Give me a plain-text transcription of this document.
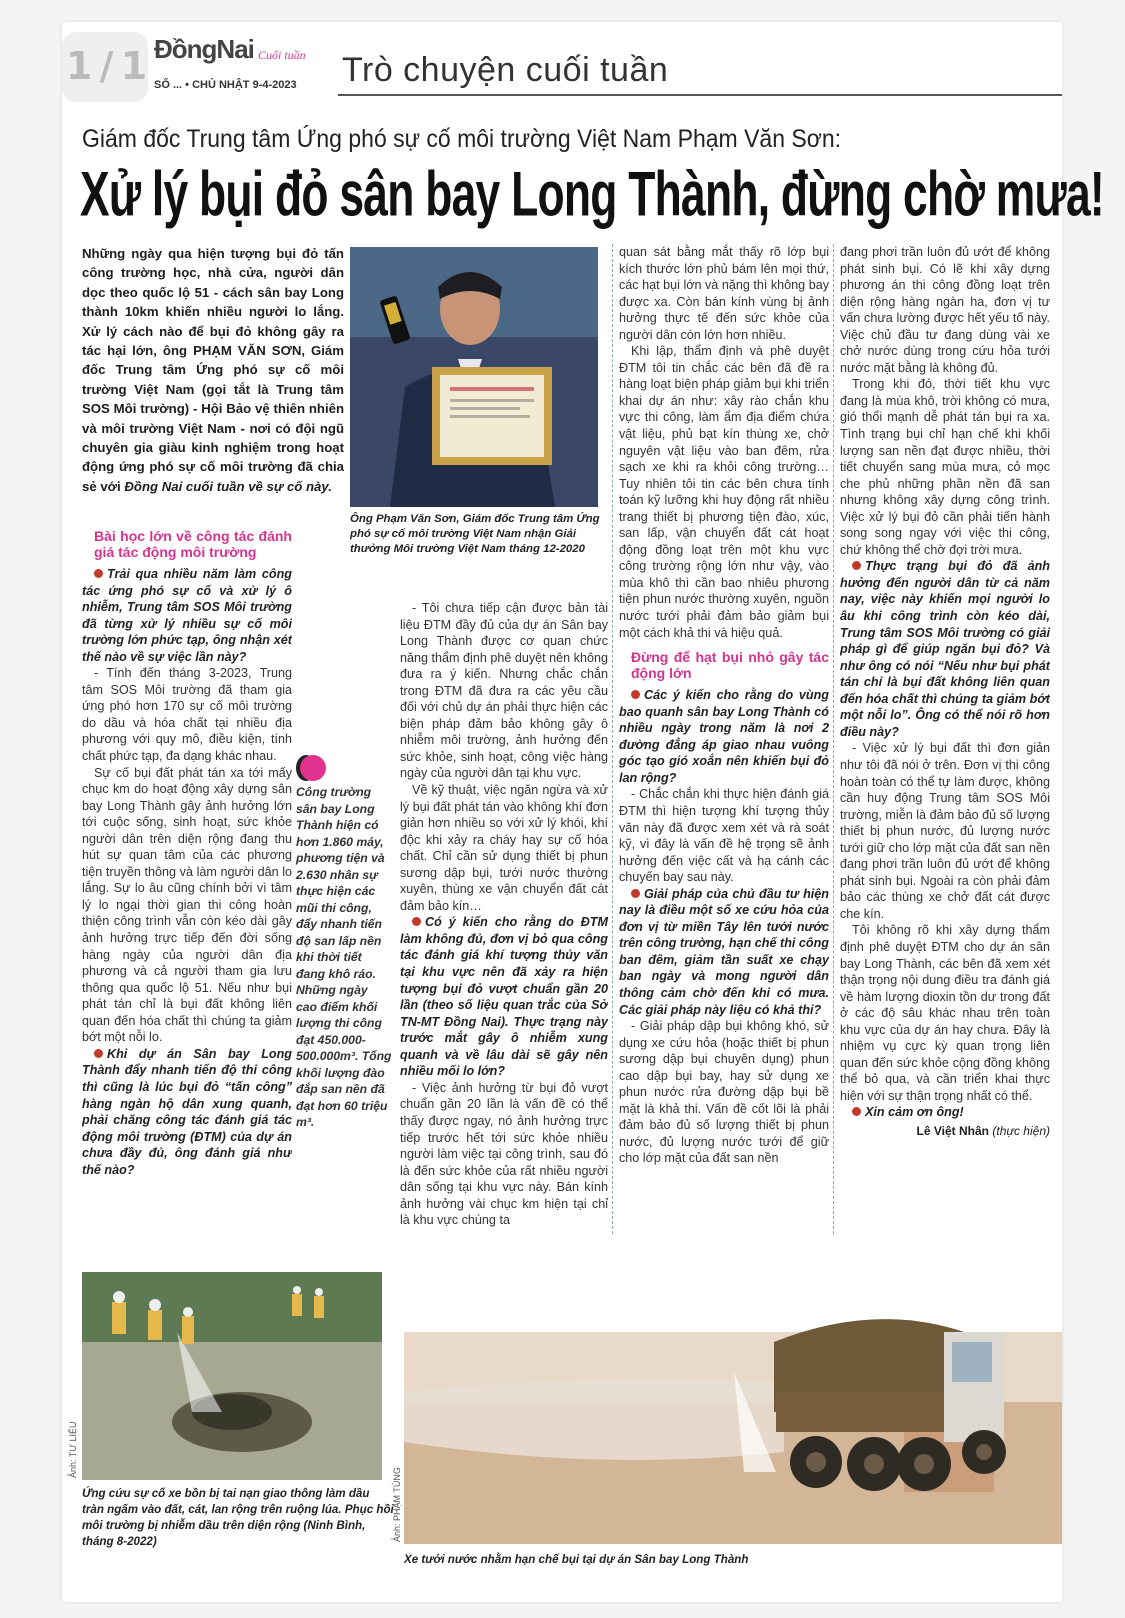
1 / 1 ĐồngNai Cuối tuần
SỐ ... • CHỦ NHẬT 9-4-2023	Trò chuyện cuối tuần
Giám đốc Trung tâm Ứng phó sự cố môi trường Việt Nam Phạm Văn Sơn:
Xử lý bụi đỏ sân bay Long Thành, đừng chờ mưa!
Những ngày qua hiện tượng bụi đỏ tấn công trường học, nhà cửa, người dân dọc theo quốc lộ 51 - cách sân bay Long thành 10km khiến nhiều người lo lắng. Xử lý cách nào để bụi đỏ không gây ra tác hại lớn, ông PHẠM VĂN SƠN, Giám đốc Trung tâm Ứng phó sự cố môi trường Việt Nam (gọi tắt là Trung tâm SOS Môi trường) - Hội Bảo vệ thiên nhiên và môi trường Việt Nam - nơi có đội ngũ chuyên gia giàu kinh nghiệm trong hoạt động ứng phó sự cố môi trường đã chia sẻ với Đồng Nai cuối tuần về sự cố này.
Ông Phạm Văn Sơn, Giám đốc Trung tâm Ứng phó sự cố môi trường Việt Nam nhận Giải thưởng Môi trường Việt Nam tháng 12-2020

Bài học lớn về công tác đánh giá tác động môi trường

Trải qua nhiều năm làm công tác ứng phó sự cố và xử lý ô nhiễm, Trung tâm SOS Môi trường đã từng xử lý nhiều sự cố môi trường lớn phức tạp, ông nhận xét thế nào về sự việc lần này?

- Tính đến tháng 3-2023, Trung tâm SOS Môi trường đã tham gia ứng phó hơn 170 sự cố môi trường do dầu và hóa chất tại nhiều địa phương với quy mô, điều kiện, tính chất phức tạp, đa dạng khác nhau.

Sự cố bụi đất phát tán xa tới mấy chục km do hoạt động xây dựng sân bay Long Thành gây ảnh hưởng lớn tới cuộc sống, sinh hoạt, sức khỏe người dân trên diện rộng đang thu hút sự quan tâm của các phương tiện truyền thông và làm người dân lo lắng. Sự lo âu cũng chính bởi vì tâm lý lo ngại thời gian thi công hoàn thiện công trình vẫn còn kéo dài gây ảnh hưởng trực tiếp đến đời sống hàng ngày của người dân địa phương và cả người tham gia lưu thông qua quốc lộ 51. Nếu như bụi phát tán chỉ là bụi đất không liên quan đến hóa chất thì chúng ta giảm bớt một nỗi lo.

Khi dự án Sân bay Long Thành đẩy nhanh tiến độ thi công thì cũng là lúc bụi đỏ “tấn công” hàng ngàn hộ dân xung quanh, phải chăng công tác đánh giá tác động môi trường (ĐTM) của dự án chưa đầy đủ, ông đánh giá như thế nào?

Công trường sân bay Long Thành hiện có hơn 1.860 máy, phương tiện và 2.630 nhân sự thực hiện các mũi thi công, đẩy nhanh tiến độ san lấp nền khi thời tiết đang khô ráo. Những ngày cao điểm khối lượng thi công đạt 450.000-500.000m³. Tổng khối lượng đào đắp san nền đã đạt hơn 60 triệu m³.

- Tôi chưa tiếp cận được bản tài liệu ĐTM đầy đủ của dự án Sân bay Long Thành được cơ quan chức năng thẩm định phê duyệt nên không đưa ra ý kiến. Nhưng chắc chắn trong ĐTM đã đưa ra các yêu cầu đối với chủ dự án phải thực hiện các biện pháp đảm bảo không gây ô nhiễm môi trường, ảnh hưởng đến sức khỏe, sinh hoạt, công việc hàng ngày của người dân tại khu vực.

Về kỹ thuật, việc ngăn ngừa và xử lý bụi đất phát tán vào không khí đơn giản hơn nhiều so với xử lý khói, khí độc khi xảy ra cháy hay sự cố hóa chất. Chỉ cần sử dụng thiết bị phun sương dập bụi, tưới nước thường xuyên, thùng xe vận chuyển đất cát đảm bảo kín…

Có ý kiến cho rằng do ĐTM làm không đủ, đơn vị bỏ qua công tác đánh giá khí tượng thủy văn tại khu vực nên đã xảy ra hiện tượng bụi đỏ vượt chuẩn gần 20 lần (theo số liệu quan trắc của Sở TN-MT Đồng Nai). Thực trạng này trước mắt gây ô nhiễm xung quanh và về lâu dài sẽ gây nên nhiều mối lo lớn?

- Việc ảnh hưởng từ bụi đỏ vượt chuẩn gần 20 lần là vấn đề có thể thấy được ngay, nó ảnh hưởng trực tiếp trước hết tới sức khỏe nhiều người làm việc tại công trình, sau đó là đến sức khỏe của rất nhiều người dân sống tại khu vực này. Bán kính ảnh hưởng vài chục km hiện tại chỉ là khu vực chúng ta

quan sát bằng mắt thấy rõ lớp bụi kích thước lớn phủ bám lên mọi thứ, các hạt bụi lớn và nặng thì không bay được xa. Còn bán kính vùng bị ảnh hưởng thực tế đến sức khỏe của người dân còn lớn hơn nhiều.

Khi lập, thẩm định và phê duyệt ĐTM tôi tin chắc các bên đã đề ra hàng loạt biện pháp giảm bụi khi triển khai dự án như: xây rào chắn khu vực thi công, làm ẩm địa điểm chứa vật liệu, phủ bạt kín thùng xe, chở nguyên vật liệu vào ban đêm, rửa sạch xe khi ra khỏi công trường… Tuy nhiên tôi tin các bên chưa tính toán kỹ lưỡng khi huy động rất nhiều trang thiết bị phương tiện đào, xúc, san lấp, vận chuyển đất cát hoạt động đồng loạt trên một khu vực công trường rộng lớn như vậy, vào mùa khô thì cần bao nhiêu phương tiện phun nước thường xuyên, nguồn nước tưới phải đảm bảo giảm bụi một cách khả thi và hiệu quả.

Đừng để hạt bụi nhỏ gây tác động lớn

Các ý kiến cho rằng do vùng bao quanh sân bay Long Thành có nhiều ngày trong năm là nơi 2 đường đẳng áp giao nhau vuông góc tạo gió xoắn nên khiến bụi đỏ lan rộng?

- Chắc chắn khi thực hiện đánh giá ĐTM thì hiện tượng khí tượng thủy văn này đã được xem xét và rà soát kỹ, vì đây là vấn đề hệ trọng sẽ ảnh hưởng đến việc cất và hạ cánh các chuyến bay sau này.

Giải pháp của chủ đầu tư hiện nay là điều một số xe cứu hỏa của đơn vị từ miền Tây lên tưới nước trên công trường, hạn chế thi công ban đêm, giảm tần suất xe chạy ban ngày và mong người dân thông cảm chờ đến khi có mưa. Các giải pháp này liệu có khả thi?

- Giải pháp dập bụi không khó, sử dụng xe cứu hỏa (hoặc thiết bị phun sương dập bụi chuyên dụng) phun cao dập bụi bay, hay sử dụng xe phun nước rửa đường dập bụi bề mặt là khả thi. Vấn đề cốt lõi là phải đảm bảo đủ số lượng thiết bị phun nước, đủ lượng nước tưới để giữ cho lớp mặt của đất san nền

đang phơi trần luôn đủ ướt để không phát sinh bụi. Có lẽ khi xây dựng phương án thi công đồng loạt trên diện rộng hàng ngàn ha, đơn vị tư vấn chưa lường được hết yếu tố này. Việc chủ đầu tư đang dùng vài xe chở nước dùng trong cứu hỏa tưới nước mặt bằng là không đủ.

Trong khi đó, thời tiết khu vực đang là mùa khô, trời không có mưa, gió thổi mạnh dễ phát tán bụi ra xa. Tình trạng bụi chỉ hạn chế khi khối lượng san nền đạt được nhiều, thời tiết chuyển sang mùa mưa, cỏ mọc che phủ những phần nền đã san nhưng không xây dựng công trình. Việc xử lý bụi đỏ cần phải tiến hành song song ngay với việc thi công, chứ không thể chờ đợi trời mưa.

Thực trạng bụi đỏ đã ảnh hưởng đến người dân từ cả năm nay, việc này khiến mọi người lo âu khi công trình còn kéo dài, Trung tâm SOS Môi trường có giải pháp gì để giúp ngăn bụi đỏ? Và như ông có nói “Nếu như bụi phát tán chỉ là bụi đất không liên quan đến hóa chất thì chúng ta giảm bớt một nỗi lo”. Ông có thể nói rõ hơn điều này?

- Việc xử lý bụi đất thì đơn giản như tôi đã nói ở trên. Đơn vị thi công hoàn toàn có thể tự làm được, không cần huy động Trung tâm SOS Môi trường, miễn là đảm bảo đủ số lượng thiết bị phun nước, đủ lượng nước tưới giữ cho lớp mặt của đất san nền đang phơi trần luôn đủ ướt để không phát sinh bụi. Ngoài ra còn phải đảm bảo các thùng xe chở đất cát được che kín.

Tôi không rõ khi xây dựng thẩm định phê duyệt ĐTM cho dự án sân bay Long Thành, các bên đã xem xét thận trọng nội dung điều tra đánh giá về hàm lượng dioxin tồn dư trong đất ở các độ sâu khác nhau trên toàn khu vực của dự án hay chưa. Đây là nhiệm vụ cực kỳ quan trọng liên quan đến sức khỏe cộng đồng không thể bỏ qua, và cần triển khai thực hiện với sự thận trọng nhất có thể.

Xin cảm ơn ông!

Lê Việt Nhân (thực hiện)
Ảnh: TƯ LIỆU
Ứng cứu sự cố xe bồn bị tai nạn giao thông làm dầu tràn ngấm vào đất, cát, lan rộng trên ruộng lúa. Phục hồi môi trường bị nhiễm dầu trên diện rộng (Ninh Bình, tháng 8-2022)	Ảnh: PHẠM TÙNG
Xe tưới nước nhằm hạn chế bụi tại dự án Sân bay Long Thành
